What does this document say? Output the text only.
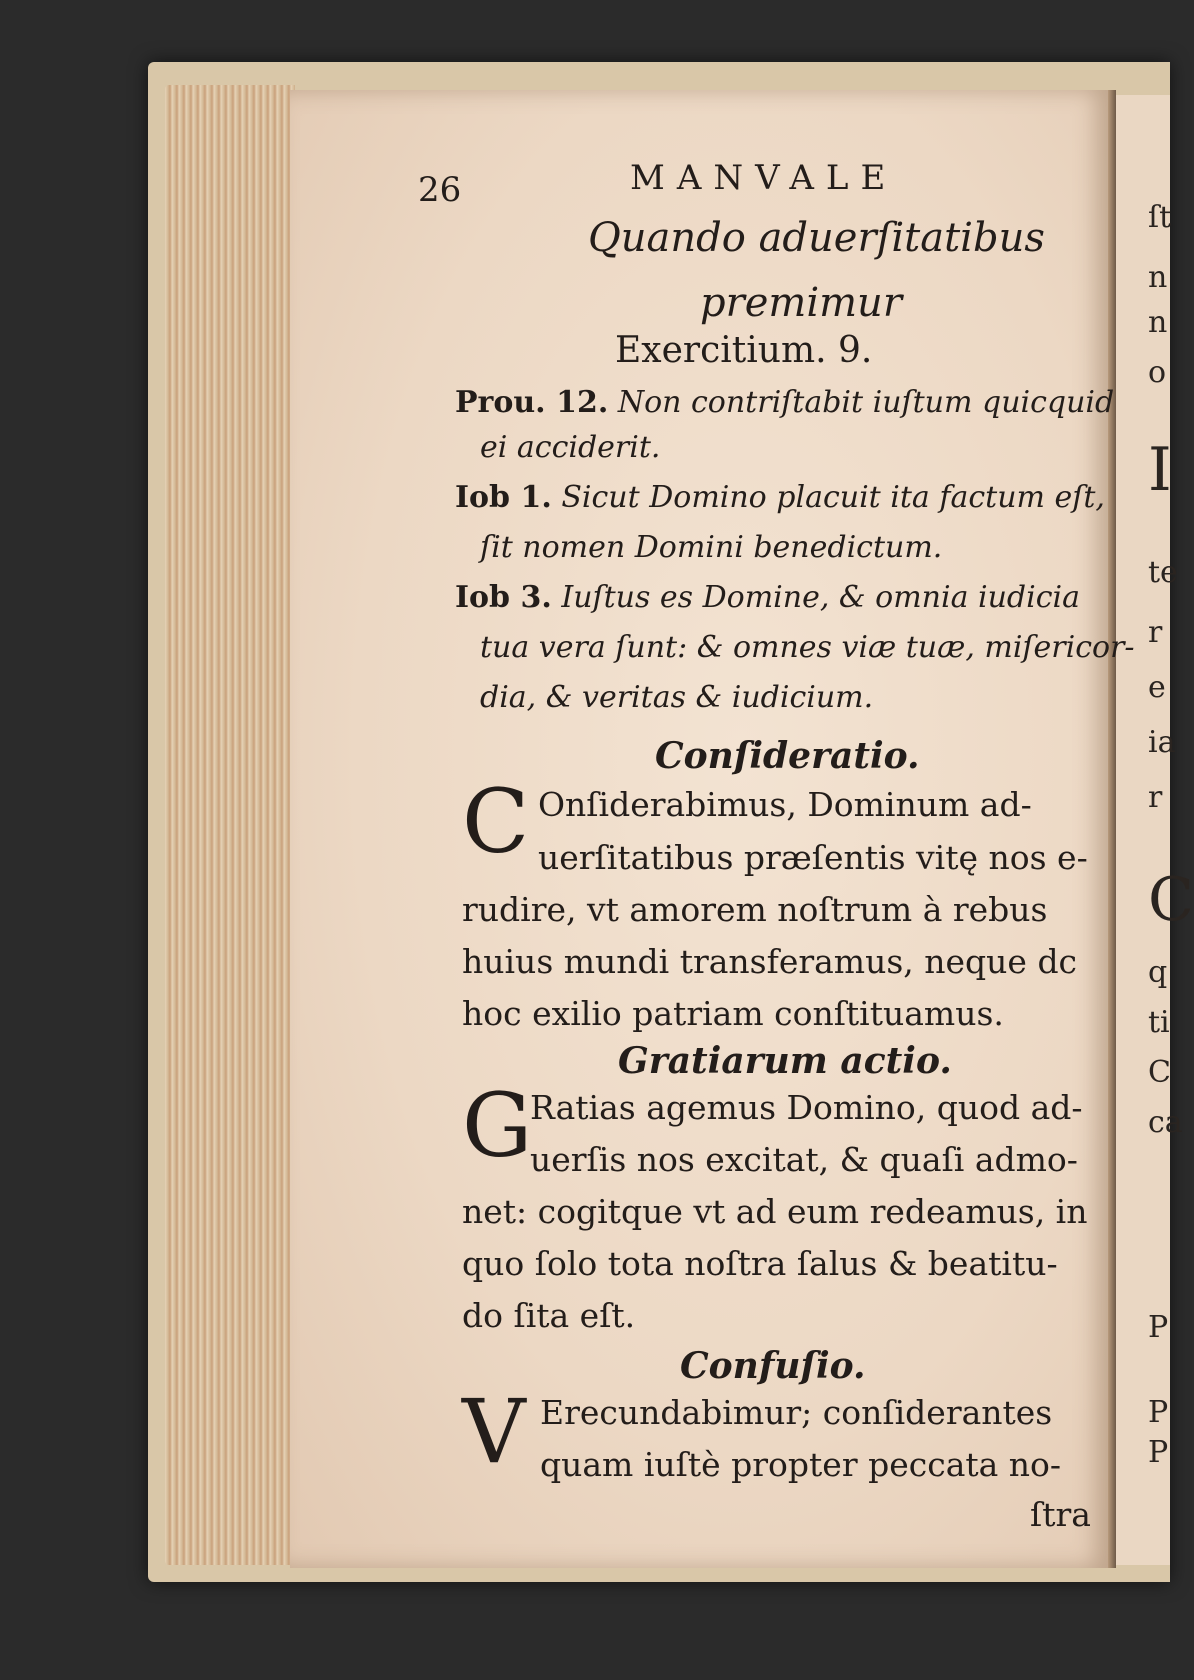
ſt
n
n
o
I
te
r
e
ia
r
C
q
ti
C
ca
P
P
P
26	MANVALE
Quando aduerſitatibus
premimur
Exercitium. 9.
Prou. 12. Non contriſtabit iuſtum quicquid
ei acciderit.
Iob 1. Sicut Domino placuit ita factum eſt,
ſit nomen Domini benedictum.
Iob 3. Iuſtus es Domine, & omnia iudicia
tua vera ſunt: & omnes viæ tuæ, miſericor-
dia, & veritas & iudicium.
Conſideratio.
C Onſiderabimus, Dominum ad-
uerſitatibus præſentis vitę nos e-
rudire, vt amorem noſtrum à rebus
huius mundi transferamus, neque dc
hoc exilio patriam conſtituamus.
Gratiarum actio.
G
Ratias agemus Domino, quod ad-
uerſis nos excitat, & quaſi admo-
net: cogitque vt ad eum redeamus, in
quo ſolo tota noſtra ſalus & beatitu-
do ſita eſt.
Confuſio.
V Erecundabimur; conſiderantes
quam iuſtè propter peccata no-
ſtra
